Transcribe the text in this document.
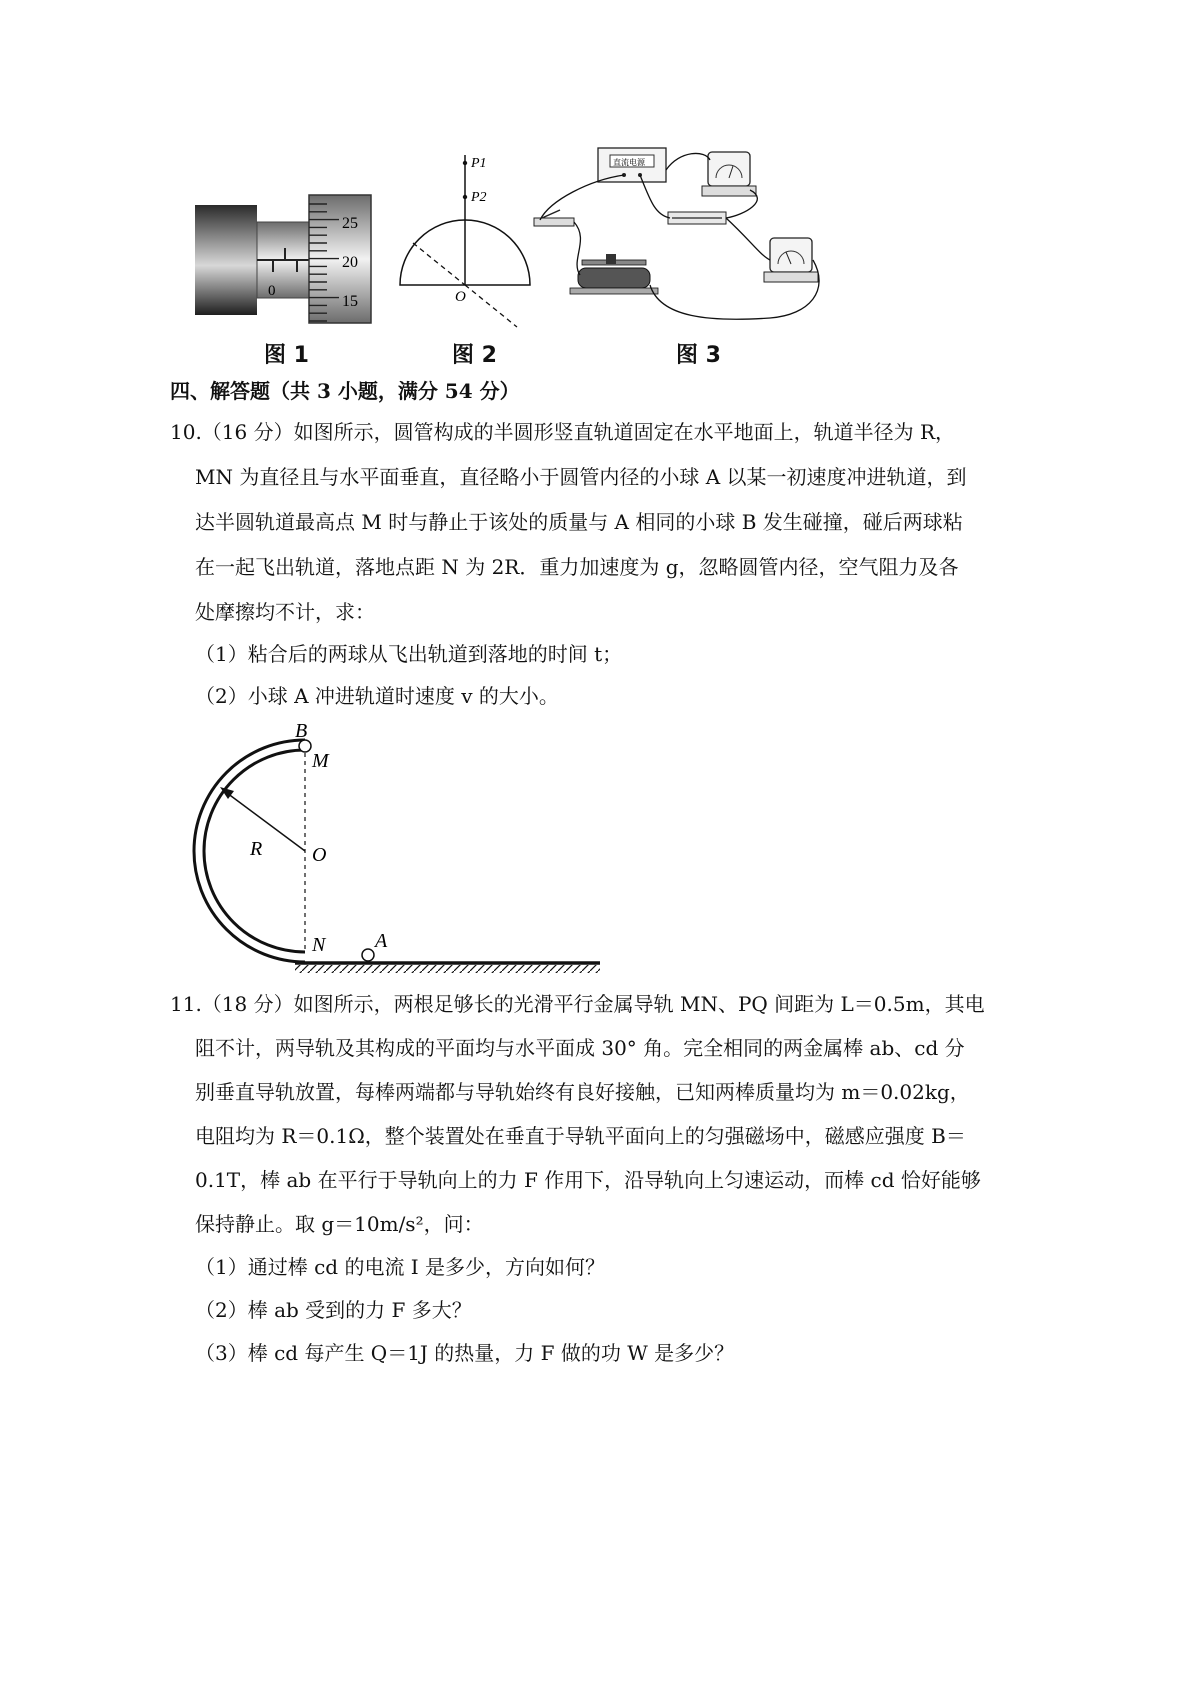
25
20
15
0
图 1
P1
P2
O
图 2
直流电源
图 3
四、解答题（共 3 小题，满分 54 分）
10.（16 分）如图所示，圆管构成的半圆形竖直轨道固定在水平地面上，轨道半径为 R，
MN 为直径且与水平面垂直，直径略小于圆管内径的小球 A 以某一初速度冲进轨道，到
达半圆轨道最高点 M 时与静止于该处的质量与 A 相同的小球 B 发生碰撞，碰后两球粘
在一起飞出轨道，落地点距 N 为 2R．重力加速度为 g，忽略圆管内径，空气阻力及各
处摩擦均不计，求：
（1）粘合后的两球从飞出轨道到落地的时间 t；
（2）小球 A 冲进轨道时速度 v 的大小。
B
M
R O
N A
11.（18 分）如图所示，两根足够长的光滑平行金属导轨 MN、PQ 间距为 L＝0.5m，其电
阻不计，两导轨及其构成的平面均与水平面成 30° 角。完全相同的两金属棒 ab、cd 分
别垂直导轨放置，每棒两端都与导轨始终有良好接触，已知两棒质量均为 m＝0.02kg，
电阻均为 R＝0.1Ω，整个装置处在垂直于导轨平面向上的匀强磁场中，磁感应强度 B＝
0.1T，棒 ab 在平行于导轨向上的力 F 作用下，沿导轨向上匀速运动，而棒 cd 恰好能够
保持静止。取 g＝10m/s²，问：
（1）通过棒 cd 的电流 I 是多少，方向如何？
（2）棒 ab 受到的力 F 多大？
（3）棒 cd 每产生 Q＝1J 的热量，力 F 做的功 W 是多少？
